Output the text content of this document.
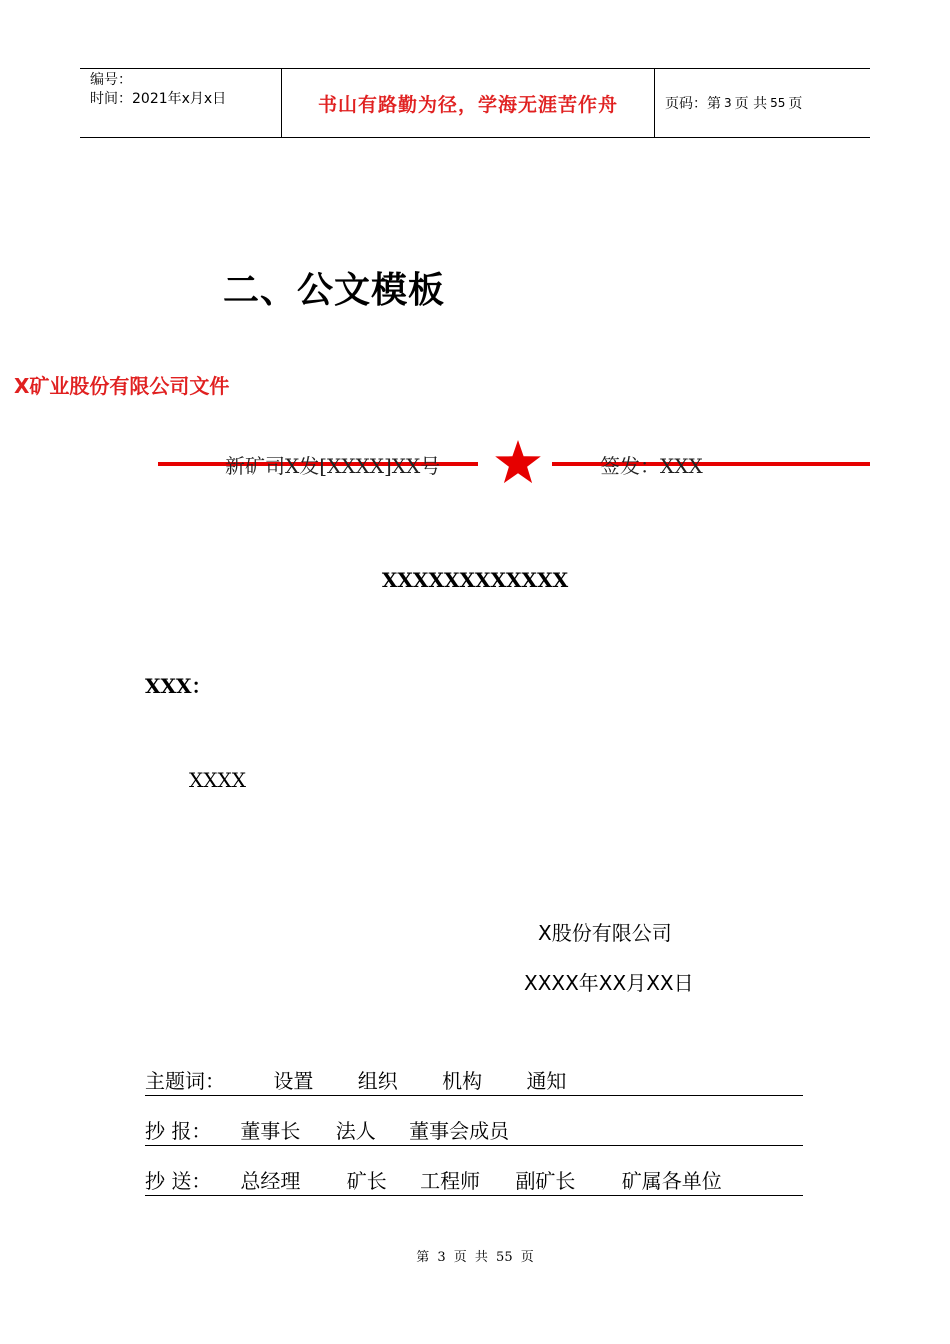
编号：
时间：2021年x月x日	书山有路勤为径，学海无涯苦作舟	页码：第 3 页 共 55 页
二、公文模板
X矿业股份有限公司文件
新矿司X发[XXXX]XX号	签发：XXX
XXXXXXXXXXXX
XXX：
XXXX
X股份有限公司
XXXX年XX月XX日
主题词： 设置 组织 机构 通知
抄 报： 董事长 法人 董事会成员
抄 送： 总经理 矿长 工程师 副矿长 矿属各单位
第 3 页 共 55 页
